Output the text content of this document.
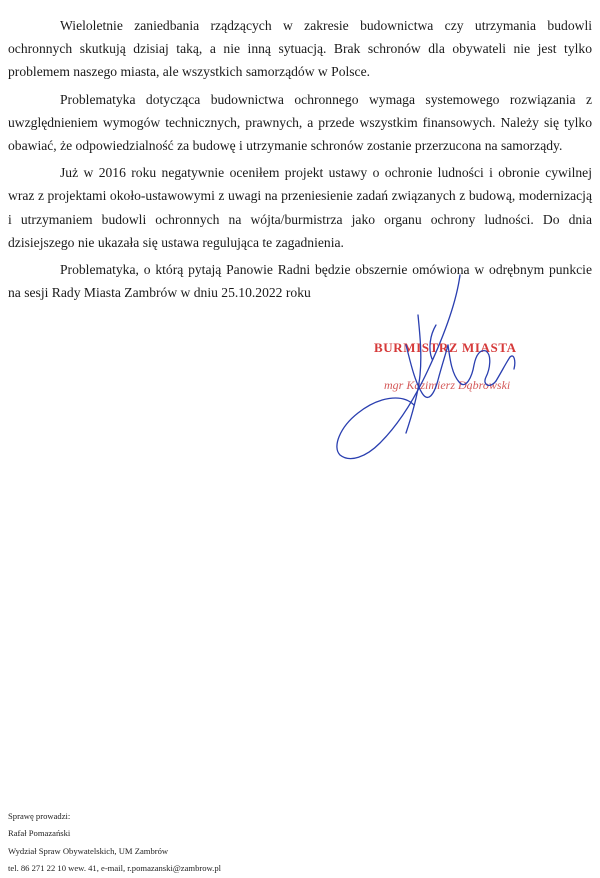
Wieloletnie zaniedbania rządzących w zakresie budownictwa czy utrzymania budowli ochronnych skutkują dzisiaj taką, a nie inną sytuacją. Brak schronów dla obywateli nie jest tylko problemem naszego miasta, ale wszystkich samorządów w Polsce.

Problematyka dotycząca budownictwa ochronnego wymaga systemowego rozwiązania z uwzględnieniem wymogów technicznych, prawnych, a przede wszystkim finansowych. Należy się tylko obawiać, że odpowiedzialność za budowę i utrzymanie schronów zostanie przerzucona na samorządy.

Już w 2016 roku negatywnie oceniłem projekt ustawy o ochronie ludności i obronie cywilnej wraz z projektami około-ustawowymi z uwagi na przeniesienie zadań związanych z budową, modernizacją i utrzymaniem budowli ochronnych na wójta/burmistrza jako organu ochrony ludności. Do dnia dzisiejszego nie ukazała się ustawa regulująca te zagadnienia.

Problematyka, o którą pytają Panowie Radni będzie obszernie omówiona w odrębnym punkcie na sesji Rady Miasta Zambrów w dniu 25.10.2022 roku

BURMISTRZ MIASTA
mgr Kazimierz Dąbrowski
Sprawę prowadzi:
Rafał Pomazański
Wydział Spraw Obywatelskich, UM Zambrów
tel. 86 271 22 10 wew. 41, e-mail, r.pomazanski@zambrow.pl
